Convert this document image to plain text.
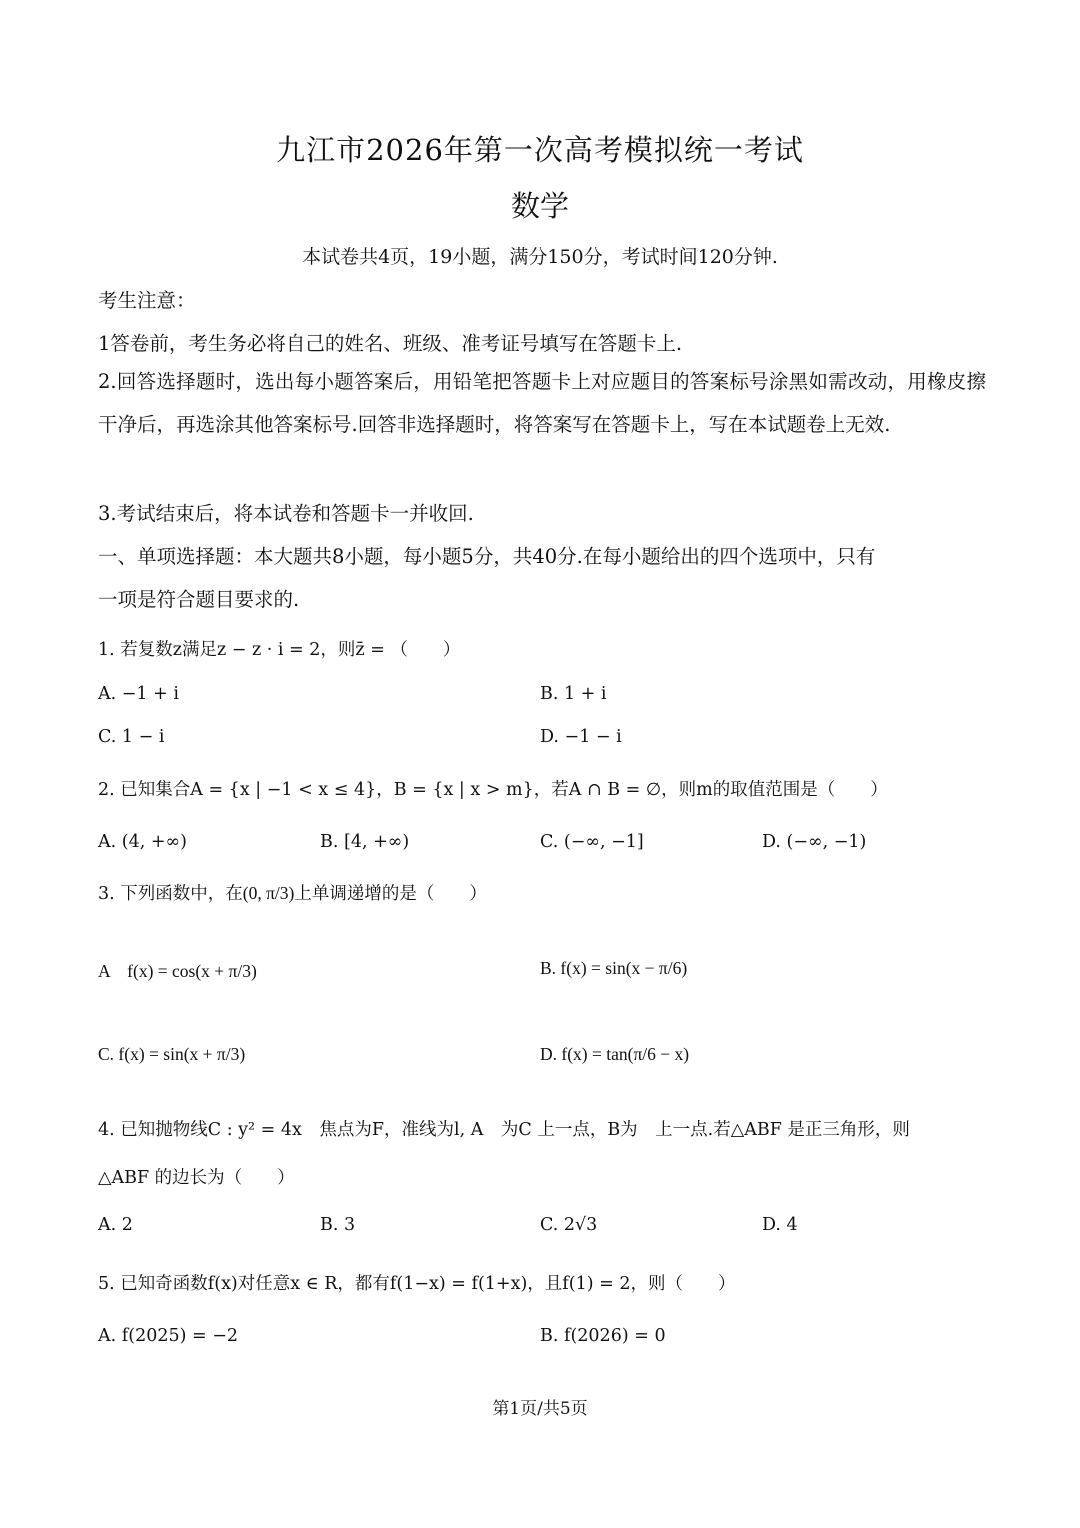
九江市2026年第一次高考模拟统一考试
数学
本试卷共4页，19小题，满分150分，考试时间120分钟.
考生注意：
1答卷前，考生务必将自己的姓名、班级、准考证号填写在答题卡上.
2.回答选择题时，选出每小题答案后，用铅笔把答题卡上对应题目的答案标号涂黑如需改动，用橡皮擦干净后，再选涂其他答案标号.回答非选择题时，将答案写在答题卡上，写在本试题卷上无效.
3.考试结束后，将本试卷和答题卡一并收回.
一、单项选择题：本大题共8小题，每小题5分，共40分.在每小题给出的四个选项中，只有
一项是符合题目要求的.
1. 若复数z满足z − z · i = 2，则z̄ = （　　）
A. −1 + i	B. 1 + i
C. 1 − i	D. −1 − i
2. 已知集合A = {x | −1 < x ≤ 4}，B = {x | x > m}，若A ∩ B = ∅，则m的取值范围是（　　）
A. (4, +∞)	B. [4, +∞)	C. (−∞, −1]	D. (−∞, −1)
3. 下列函数中，在(0, π/3)上单调递增的是（　　）
A　f(x) = cos(x + π/3)	B. f(x) = sin(x − π/6)
C. f(x) = sin(x + π/3)	D. f(x) = tan(π/6 − x)
4. 已知抛物线C : y² = 4x　焦点为F，准线为l, A　为C 上一点，B为　上一点.若△ABF 是正三角形，则
△ABF 的边长为（　　）
A. 2	B. 3	C. 2√3	D. 4
5. 已知奇函数f(x)对任意x ∈ R，都有f(1−x) = f(1+x)，且f(1) = 2，则（　　）
A. f(2025) = −2	B. f(2026) = 0
第1页/共5页
